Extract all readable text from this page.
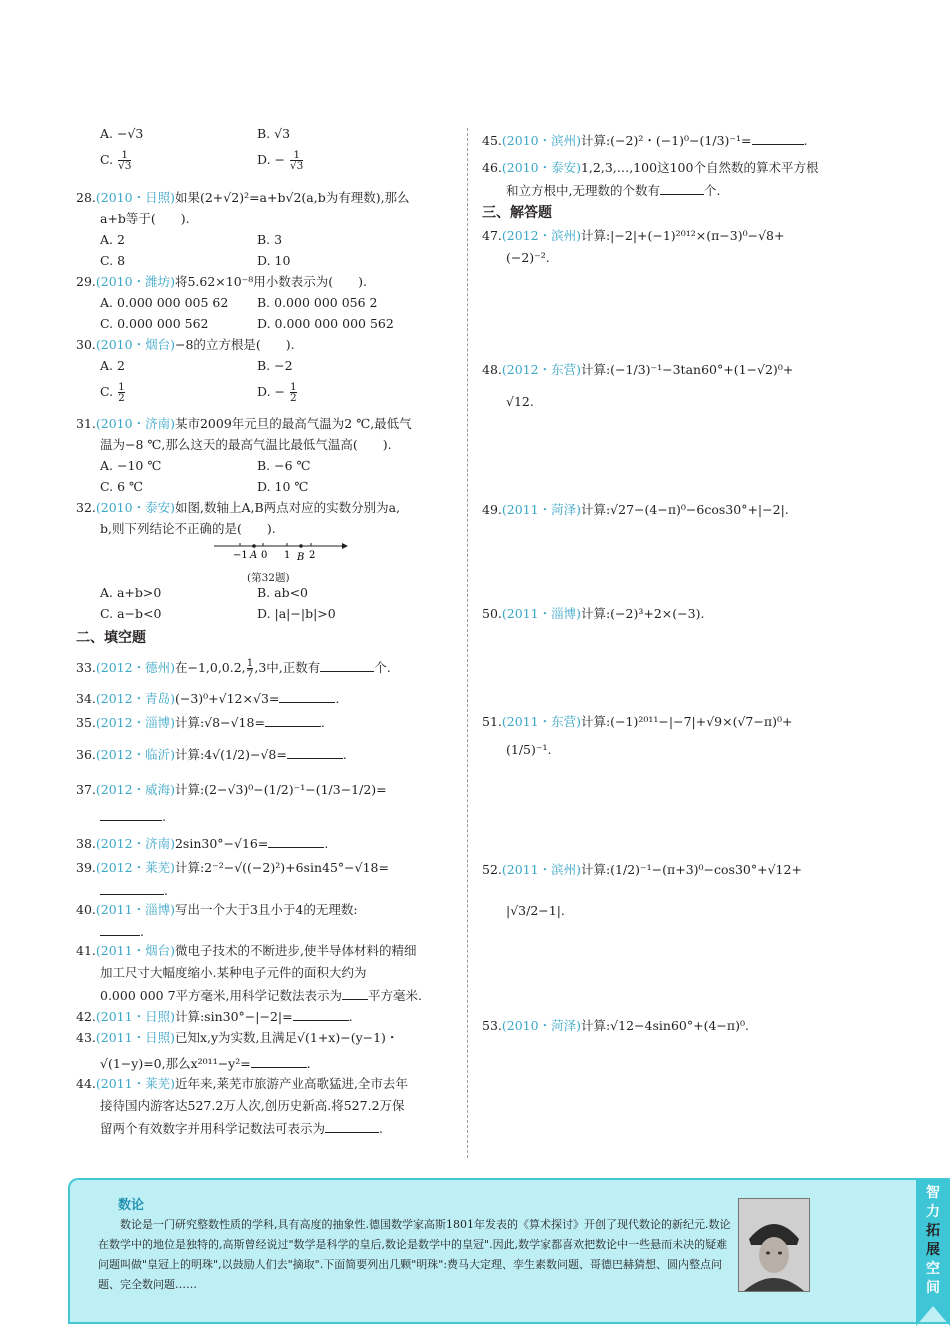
A. −√3	B. √3
C. $\frac{1}{√3}$	D. − $\frac{1}{√3}$
28.(2010・日照)如果(2+√2)²=a+b√2(a,b为有理数),那么
a+b等于(　　).
A. 2	B. 3
C. 8	D. 10
29.(2010・潍坊)将5.62×10⁻⁸用小数表示为(　　).
A. 0.000 000 005 62 B. 0.000 000 056 2
C. 0.000 000 562	D. 0.000 000 000 562
30.(2010・烟台)−8的立方根是(　　).
A. 2	B. −2
C. $\frac{1}{2}$	D. − $\frac{1}{2}$
31.(2010・济南)某市2009年元旦的最高气温为2 ℃,最低气
温为−8 ℃,那么这天的最高气温比最低气温高(　　).
A. −10 ℃	B. −6 ℃
C. 6 ℃	D. 10 ℃
32.(2010・泰安)如图,数轴上A,B两点对应的实数分别为a,
b,则下列结论不正确的是(　　).
−1 A 0 1 B 2
(第32题)
A. a+b>0	B. ab<0
C. a−b<0	D. |a|−|b|>0
二、填空题
33.(2012・德州)在−1,0,0.2, $\frac{1}{7} ,3$中,正数有	个.
34.(2012・青岛)(−3)⁰+√12×√3=	.
35.(2012・淄博)计算:√8−√18=	.
36.(2012・临沂)计算:4√(1/2)−√8=	.
37.(2012・威海)计算:(2−√3)⁰−(1/2)⁻¹−(1/3−1/2)=
.
38.(2012・济南)2sin30°−√16=	.
39.(2012・莱芜)计算:2⁻²−√((−2)²)+6sin45°−√18=
.
40.(2011・淄博)写出一个大于3且小于4的无理数:
.
41.(2011・烟台)微电子技术的不断进步,使半导体材料的精细
加工尺寸大幅度缩小.某种电子元件的面积大约为
0.000 000 7平方毫米,用科学记数法表示为 平方毫米.
42.(2011・日照)计算:sin30°−|−2|=	.
43.(2011・日照)已知x,y为实数,且满足√(1+x)−(y−1)・
√(1−y)=0,那么x²⁰¹¹−y²=	.
44.(2011・莱芜)近年来,莱芜市旅游产业高歌猛进,全市去年
接待国内游客达527.2万人次,创历史新高.将527.2万保
留两个有效数字并用科学记数法可表示为	.
45.(2010・滨州)计算:(−2)²・(−1)⁰−(1/3)⁻¹=	.
46.(2010・泰安)1,2,3,…,100这100个自然数的算术平方根
和立方根中,无理数的个数有	个.
三、解答题
47.(2012・滨州)计算:|−2|+(−1)²⁰¹²×(π−3)⁰−√8+
(−2)⁻².
48.(2012・东营)计算:(−1/3)⁻¹−3tan60°+(1−√2)⁰+
√12.
49.(2011・菏泽)计算:√27−(4−π)⁰−6cos30°+|−2|.
50.(2011・淄博)计算:(−2)³+2×(−3).
51.(2011・东营)计算:(−1)²⁰¹¹−|−7|+√9×(√7−π)⁰+
(1/5)⁻¹.
52.(2011・滨州)计算:(1/2)⁻¹−(π+3)⁰−cos30°+√12+
|√3/2−1|.
53.(2010・菏泽)计算:√12−4sin60°+(4−π)⁰.
数论
数论是一门研究整数性质的学科,具有高度的抽象性.德国数学家高斯1801年发表的《算术探讨》开创了现代数论的新纪元.数论在数学中的地位是独特的,高斯曾经说过"数学是科学的皇后,数论是数学中的皇冠".因此,数学家都喜欢把数论中一些悬而未决的疑难问题叫做"皇冠上的明珠",以鼓励人们去"摘取".下面简要列出几颗"明珠":费马大定理、孪生素数问题、哥德巴赫猜想、圆内整点问题、完全数问题……
智
力
拓
展
空
间
